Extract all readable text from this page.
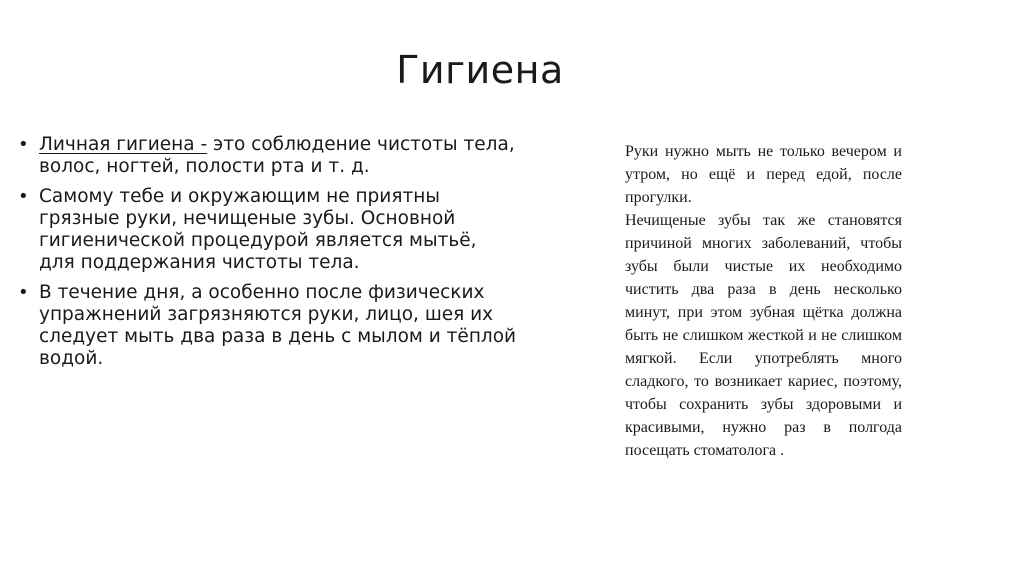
Гигиена
• Личная гигиена - это соблюдение чистоты тела, волос, ногтей, полости рта и т. д.
• Самому тебе и окружающим не приятны грязные руки, нечищеные зубы. Основной гигиенической процедурой является мытьё, для поддержания чистоты тела.
• В течение дня, а особенно после физических упражнений загрязняются руки, лицо, шея их следует мыть два раза в день с мылом и тёплой водой.

Руки нужно мыть не только вечером и утром, но ещё и перед едой, после прогулки.

Нечищеные зубы так же становятся причиной многих заболеваний, чтобы зубы были чистые их необходимо чистить два раза в день несколько минут, при этом зубная щётка должна быть не слишком жесткой и не слишком мягкой. Если употреблять много сладкого, то возникает кариес, поэтому, чтобы сохранить зубы здоровыми и красивыми, нужно раз в полгода посещать стоматолога .
